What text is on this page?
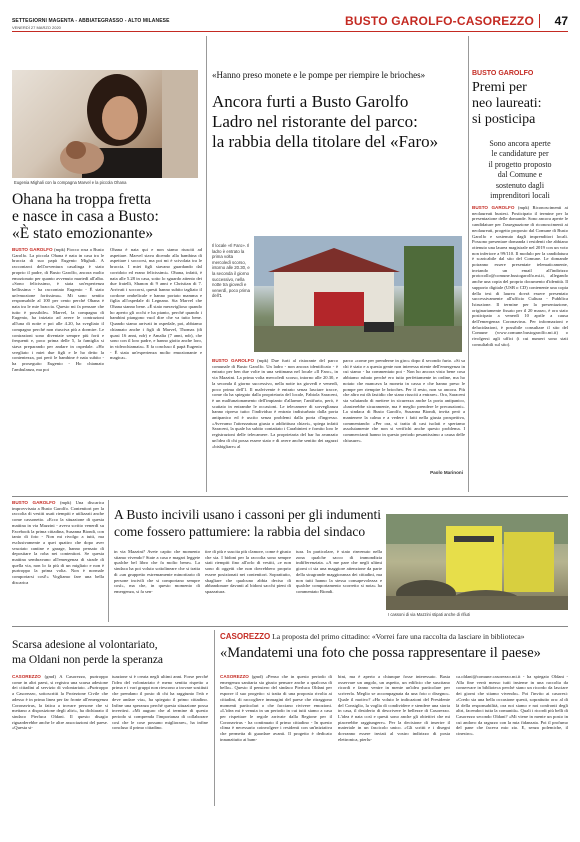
SETTEGIORNI MAGENTA - ABBIATEGRASSO - ALTO MILANESE
VENERDÌ 27 MARZO 2020	BUSTO GAROLFO-CASOREZZO 47
Eugenia Mighali con la compagna Marvel e la piccola Ohana
Ohana ha troppa fretta
e nasce in casa a Busto:
«È stato emozionante»
BUSTO GAROLFO (mpk) Fiocco rosa a Busto Garolfo. La piccola Ohana è nata in casa tra le braccia di suo papà Eugenio Mighali. A raccontarci dell'avventura casalinga è stato proprio il padre, di Busto Garolfo, ancora molto emozionato per quanto avvenuto martedì all'alba. «Sono felicissimo, è stata un'esperienza bellissima - ha raccontato Eugenio - È stato un'emozione fortissima». Mi sono sentito responsabile al 100 per cento perché Ohana è nata tra le mie braccia. Questo mi fa pensare che tutto è possibile». Marvel, la compagna di Eugenio, ha iniziato ad avere le contrazioni all'una di notte e poi alle 4.20, ha svegliato il compagno perché non riusciva più a dormire. Le contrazioni sono diventate sempre più forti e frequenti e, poco prima delle 5, la famiglia si stava preparando per andare in ospedale. «Ho svegliato i miei due figli e le ho detto la contentezza, poi però le bambine è nata subito - ha proseguito Eugenio - Ho chiamato l'ambulanza, ma poi
Ohana è nata qui e non siamo riusciti ad aspettare. Marvel stava dicendo alla bambina di aspettare i soccorsi, ma poi mi è scivolata tra le braccia. I miei figli stavano guardando dal corridoio ed erano felicissimi». Ohana, infatti, è nata alle 5.28 in casa, sotto lo sguardo attento dei due fratelli, Shanon di 9 anni e Christian di 7. Arrivati i soccorsi, questi hanno subito tagliato il cordone ombelicale e hanno portato mamma e figlia all'ospedale di Legnano. Sia Marvel che Ohana stanno bene. «È stato meraviglioso quando ho aperto gli occhi e ha pianto, perché quando i bambini piangono vuol dire che va tutto bene. Quando siamo arrivati in ospedale, poi, abbiamo chiamato anche i figli di Marvel, Thomas (di quasi 16 anni, ndr) e Amalia (7 anni, ndr), che sono con il loro padre, e hanno gioito anche loro, in videochiamata». E fa concluso il papà Eugenio - È stata un'esperienza molto emozionante e magica».
«Hanno preso monete e le pompe per riempire le brioches»
Ancora furti a Busto Garolfo
Ladro nel ristorante del parco:
la rabbia della titolare del «Faro»
Il locale «Il Faro». Il ladro è entrato la prima volta mercoledì scorso, intorno alle 20.30, e la seconda il giorno successivo, nella notte tra giovedì e venerdì, poco prima dell'1
BUSTO GAROLFO (mpk) Due furti al ristorante del parco comunale di Busto Garolfo. Un ladro - non ancora identificato - è entrato per ben due volte in una settimana nel locale «Il Faro», in via Mazzini. La prima volta mercoledì scorso, intorno alle 20.30, e la seconda il giorno successivo, nella notte tra giovedì e venerdì, poco prima dell'1. Il malvivente è entrato senza lasciare tracce, come da ha spiegato dalla proprietaria del locale, Fabiola Saraceni, è un malfunzionamento dell'impianto d'allarme; l'antifurto, però, è scattato in entrambe le occasioni. Le telecamere di sorveglianza hanno ripreso tutto: l'individuo è entrato indisturbato dalla porta antipanico ed è uscito senza problemi dalla porta d'ingresso. «Avevamo l'attrezzatura giusta o addirittura chiavi», spiega infatti Saraceni, la quale ha subito contattato i Carabinieri e fornito loro le registrazioni delle telecamere. La proprietaria del bar ha avanzato un'idea di chi possa essere stato e di avere anche sentito dei ragazzi «bisbigliare» al
parco «come per prenderne in giro» dopo il secondo furto. «Si sa chi è stato e a questa gente non interessa niente dell'emergenza in cui siamo - ha commentato poi - Non ho ancora visto bene cosa abbiamo rubato perché ero tutto perfettamente in ordine, ma ho notato che mancava la moneta in cassa e che hanno preso le pompe per riempire le brioches. Per il resto, non so ancora. Più che altro mi dà fastidio che siano riusciti a entrare». Ora, Saraceni sta valutando di mettere in sicurezza anche la porta antipanico, «basterebbe sicuramente, ma è meglio prendere le precauzioni». La sindaca di Busto Garolfo, Susanna Biondi, invita però a mantenere la calma e a vedere i fatti nella giusta prospettiva, commentando: «Per ora, si tratta di casi isolati e speriamo assolutamente che non si verifichi anche questo problema. I commercianti hanno in questo periodo pesantissimo a causa delle chiusure».
Paolo Marinoni
BUSTO GAROLFO
Premi per
neo laureati:
si posticipa
Sono ancora aperte
le candidature per
il progetto proposto
dal Comune e
sostenuto dagli
imprenditori locali
BUSTO GAROLFO (mpk) Riconoscimenti ai neolaureati bustesi. Posticipato il termine per la presentazione delle domande. Sono ancora aperte le candidature per l'assegnazione di riconoscimenti ai neolaureati, progetto proposto dal Comune di Busto Garolfo e sostenuto dagli imprenditori locali. Possono presentare domanda i residenti che abbiano ottenuto una laurea magistrale nel 2019 con un voto non inferiore a 99/110. Il modulo per la candidatura è scaricabile dal sito del Comune. Le domande potranno essere presentate telematicamente, inviando un email all'indirizzo protocollo@comune.bustogarolfo.mi.it, allegando anche una copia del proprio documento d'identità. Il supporto digitale (USB o CD) contenente una copia della tesi di laurea dovrà essere presentato successivamente all'ufficio Cultura - Pubblica Istruzione. Il termine per la presentazione, originariamente fissato per il 20 marzo, è ora stato posticipato a venerdì 10 aprile a causa dell'emergenza Coronavirus. Per informazioni e delucidazioni, è possibile consultare il sito del Comune (www.comune.bustogarolfo.mi.it) o rivolgersi agli uffici (i cui numeri sono stati consultabili sul sito).
BUSTO GAROLFO (mpk) Una discarica improvvisata a Busto Garolfo. Contenitori per la raccolta di vestiti usati riempiti e utilizzati anche come cassonetto. «Ecco la situazione di questa mattina in via Mazzini - aveva scritto venerdì su Facebook la prima cittadina, Susanna Biondi, con tanto di foto - Non mi rivolgo a tutti, ma esclusivamente a quei quattro che dopo aver svuotato cantine e garage, hanno pensato di depositare la roba nei contenitori. Se questa mattina sembravano all'emergenza di strade di quella via, non lo fa più di un migliaio e non è purtroppo la prima volta. Non è normale comportarsi così!» Vogliamo fare una bella discarica
A Busto incivili usano i cassoni per gli indumenti
come fossero pattumiere: la rabbia del sindaco
in via Mazzini? Avete capito che momento stiamo vivendo? State a casa e magari leggete qualche bel libro che fa molto bene». La sindaca ha poi voluto sottolineare che si tratta di «un gruppetto estremamente minoritario di persone incivili che si comportano sempre così», ma che, in questo momento di emergenza, si fa sen-
tire di più e suscita più clamore, come è giusto che sia. I bidoni per la raccolta sono sempre stati riempiti fino all'orlo di vestiti, «e non sono di oggetti che non dovrebbero proprio essere posizionati nei contenitori. Soprattutto, sbagliare che qualcuno abbia deciso di abbandonare davanti al bidoni sacchi pieni di spazzatura.
tura. In particolare, è stato rinvenuto nella zona qualche sacco di immondizia indifferenziata. «A me pare che negli ultimi giorni ci sia una maggiore attenzione da parte della stragrande maggioranza dei cittadini, ma non tutti hanno la stessa consapevolezza e qualche comportamento scorretto si nota» ha commentato Biondi.
I cassoni di via Mazzini stipati anche di rifiuti
Scarsa adesione al volontariato,
ma Oldani non perde la speranza
CASOREZZO (gmd) A Casorezzo, purtroppo come in altri paesi, si registra una scarsa adesione dei cittadini al servizio di volontariato. «Purtroppo a Casorezzo, sottoscritti la Protezione Civile che adesso è in prima linea per far fronte all'emergenza Coronavirus, la fatica a trovare persone che si mettano a disposizione degli altri», ha dichiarato il sindaco Pierluca Oldani. Il questo disagio riguarderebbe anche le altre associazioni del paese. «Questa si-
tuazione si è creata negli ultimi anni. Forse perché l'idea del volontariato è meno sentita rispetto a prima e i vari gruppi non riescono a trovare sostituti che prendano il posto di chi ha raggiunto l'età e deve andare via», ha spiegato il primo cittadino. Infine una speranza perché questa situazione possa invertirsi. «Mi auguro che al termine di questo periodo si comprenda l'importanza di collaborare così che le cose possano migliorare», ha infine concluso il primo cittadino.
CASOREZZO La proposta del primo cittadino: «Vorrei fare una raccolta da lasciare in biblioteca»
«Mandatemi una foto che possa rappresentare il paese»
CASOREZZO (gmd) «Penso che in questo periodo di emergenza sanitaria sia giusto pensare anche a qualcosa di bello». Questo il pensiero del sindaco Pierluca Oldani per esporre il suo progetto: si tratta di una proposta rivolta ai cittadini, di raccogliere immagini del paese che ritraggono momenti particolari o che facciano rivivere emozioni. «L'idea mi è venuta in un periodo in cui tutti siamo a casa per rispettare le regole arrivate dalla Regione per il Coronavirus - ha continuato il primo cittadino - In questo clima è necessario coinvolgere i residenti con un'iniziativa che permetta di guardare avanti. Il progetto è dedicato innanzitutto ai bam-
bini, ma è aperto a chiunque fosse interessato. Basta osservare un angolo, un aspetto, un edificio che suscitano ricordi e fanno venire in mente un'idea particolare per scriverla. Meglio se accompagnata da una foto o disegno». Quale il motivo? «Ho voluto le indicazioni del Presidente del Consiglio, la voglia di condividere e stendere una storia in casa, il desiderio di descrivere le bellezze di Casorezzo. L'idea è nata così e questi sono anche gli obiettivi che mi piacerebbe raggiungere». Per la decisione di inserire il materiale in un fascicolo unico. «Gli scritti e i disegni dovranno essere inviati al vostro indirizzo di posta elettronica, pierlu-
ca.oldani@comune.casorezzo.mi.it - ha spiegato Oldani - Alla fine verrà messo tutti insieme in una raccolta da conservare in biblioteca perché siano un ricordo da lasciare dei giorni che stiamo vivendo». Poi l'invito ai casoresi: «Credo sia una bella occasione questi, soprattutto ora: al di là della responsabilità, ora noi siamo e noi confronti degli altri, facendoci tutta la comunità». Quali i ricordi più belli di Casorezzo secondo Oldani? «Mi viene in mente un posto in cui andavo da ragazzo con la mia fidanzata. Poi il profumo del pane che faceva mio zio. E, senza polemiche, il cinestro».
